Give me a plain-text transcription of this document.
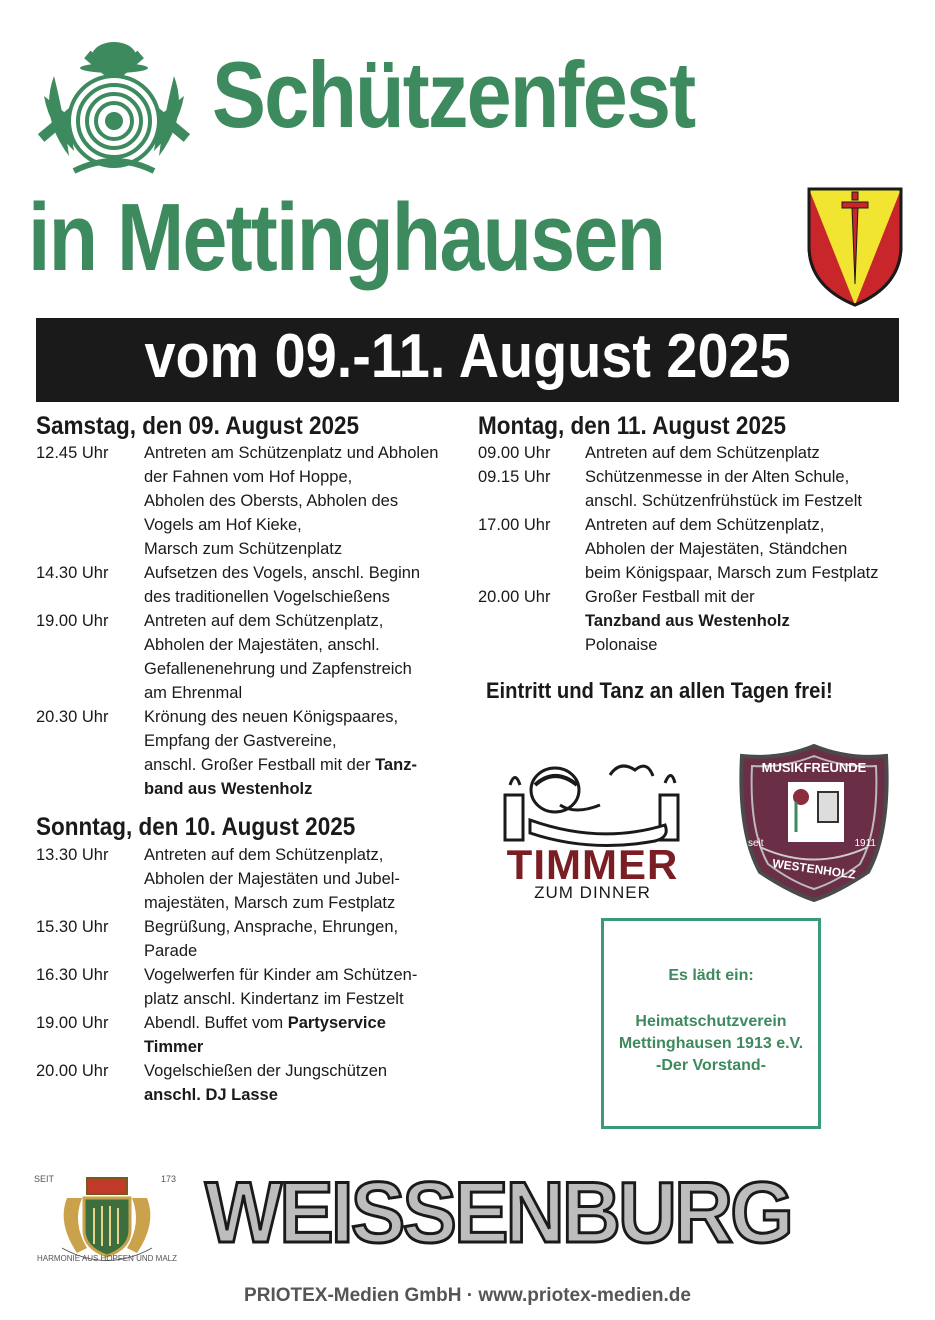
Schützenfest
in Mettinghausen
vom 09.-11. August 2025
Samstag, den 09. August 2025
12.45 Uhr Antreten am Schützenplatz und Abholen
der Fahnen vom Hof Hoppe,
Abholen des Obersts, Abholen des
Vogels am Hof Kieke,
Marsch zum Schützenplatz
14.30 Uhr Aufsetzen des Vogels, anschl. Beginn
des traditionellen Vogelschießens
19.00 Uhr Antreten auf dem Schützenplatz,
Abholen der Majestäten, anschl.
Gefallenenehrung und Zapfenstreich
am Ehrenmal
20.30 Uhr Krönung des neuen Königspaares,
Empfang der Gastvereine,
anschl. Großer Festball mit der Tanz-
band aus Westenholz
Sonntag, den 10. August 2025
13.30 Uhr Antreten auf dem Schützenplatz,
Abholen der Majestäten und Jubel-
majestäten, Marsch zum Festplatz
15.30 Uhr Begrüßung, Ansprache, Ehrungen,
Parade
16.30 Uhr Vogelwerfen für Kinder am Schützen-
platz anschl. Kindertanz im Festzelt
19.00 Uhr Abendl. Buffet vom Partyservice
Timmer
20.00 Uhr Vogelschießen der Jungschützen
anschl. DJ Lasse
Montag, den 11. August 2025
09.00 Uhr Antreten auf dem Schützenplatz
09.15 Uhr Schützenmesse in der Alten Schule,
anschl. Schützenfrühstück im Festzelt
17.00 Uhr Antreten auf dem Schützenplatz,
Abholen der Majestäten, Ständchen
beim Königspaar, Marsch zum Festplatz
20.00 Uhr Großer Festball mit der
Tanzband aus Westenholz
Polonaise
Eintritt und Tanz an allen Tagen frei!
TIMMER
ZUM DINNER
MUSIKFREUNDE
seit	1911
WESTENHOLZ
Es lädt ein:
Heimatschutzverein
Mettinghausen 1913 e.V.
-Der Vorstand-
SEIT	173
HARMONIE AUS HOPFEN UND MALZ WEISSENBURG
PRIOTEX-Medien GmbH · www.priotex-medien.de
